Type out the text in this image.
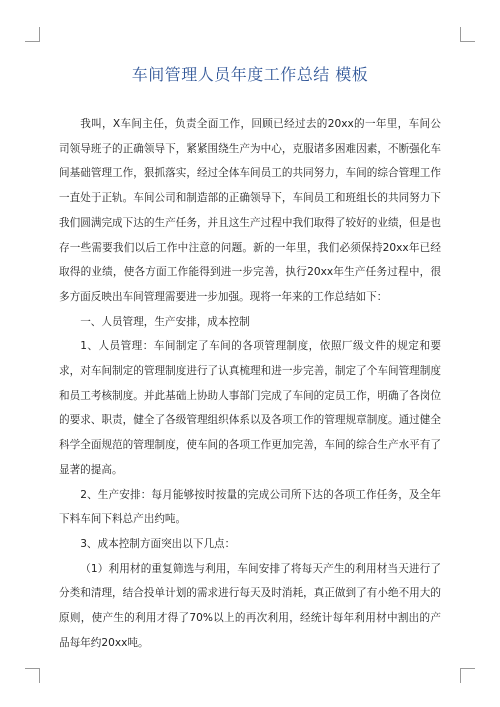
车间管理人员年度工作总结 模板

我叫，X车间主任，负责全面工作，回顾已经过去的20xx的一年里，车间公司领导班子的正确领导下，紧紧围绕生产为中心，克服诸多困难因素，不断强化车间基础管理工作，狠抓落实，经过全体车间员工的共同努力，车间的综合管理工作一直处于正轨。车间公司和制造部的正确领导下，车间员工和班组长的共同努力下我们圆满完成下达的生产任务，并且这生产过程中我们取得了较好的业绩，但是也存一些需要我们以后工作中注意的问题。新的一年里，我们必须保持20xx年已经取得的业绩，使各方面工作能得到进一步完善，执行20xx年生产任务过程中，很多方面反映出车间管理需要进一步加强。现将一年来的工作总结如下：

一、人员管理，生产安排，成本控制

1、人员管理：车间制定了车间的各项管理制度，依照厂级文件的规定和要求，对车间制定的管理制度进行了认真梳理和进一步完善，制定了个车间管理制度和员工考核制度。并此基础上协助人事部门完成了车间的定员工作，明确了各岗位的要求、职责，健全了各级管理组织体系以及各项工作的管理规章制度。通过健全科学全面规范的管理制度，使车间的各项工作更加完善，车间的综合生产水平有了显著的提高。

2、生产安排：每月能够按时按量的完成公司所下达的各项工作任务，及全年下料车间下料总产出约吨。

3、成本控制方面突出以下几点：

（1）利用材的重复筛选与利用，车间安排了将每天产生的利用材当天进行了分类和清理，结合投单计划的需求进行每天及时消耗，真正做到了有小绝不用大的原则，使产生的利用才得了70%以上的再次利用，经统计每年利用材中割出的产品每年约20xx吨。
